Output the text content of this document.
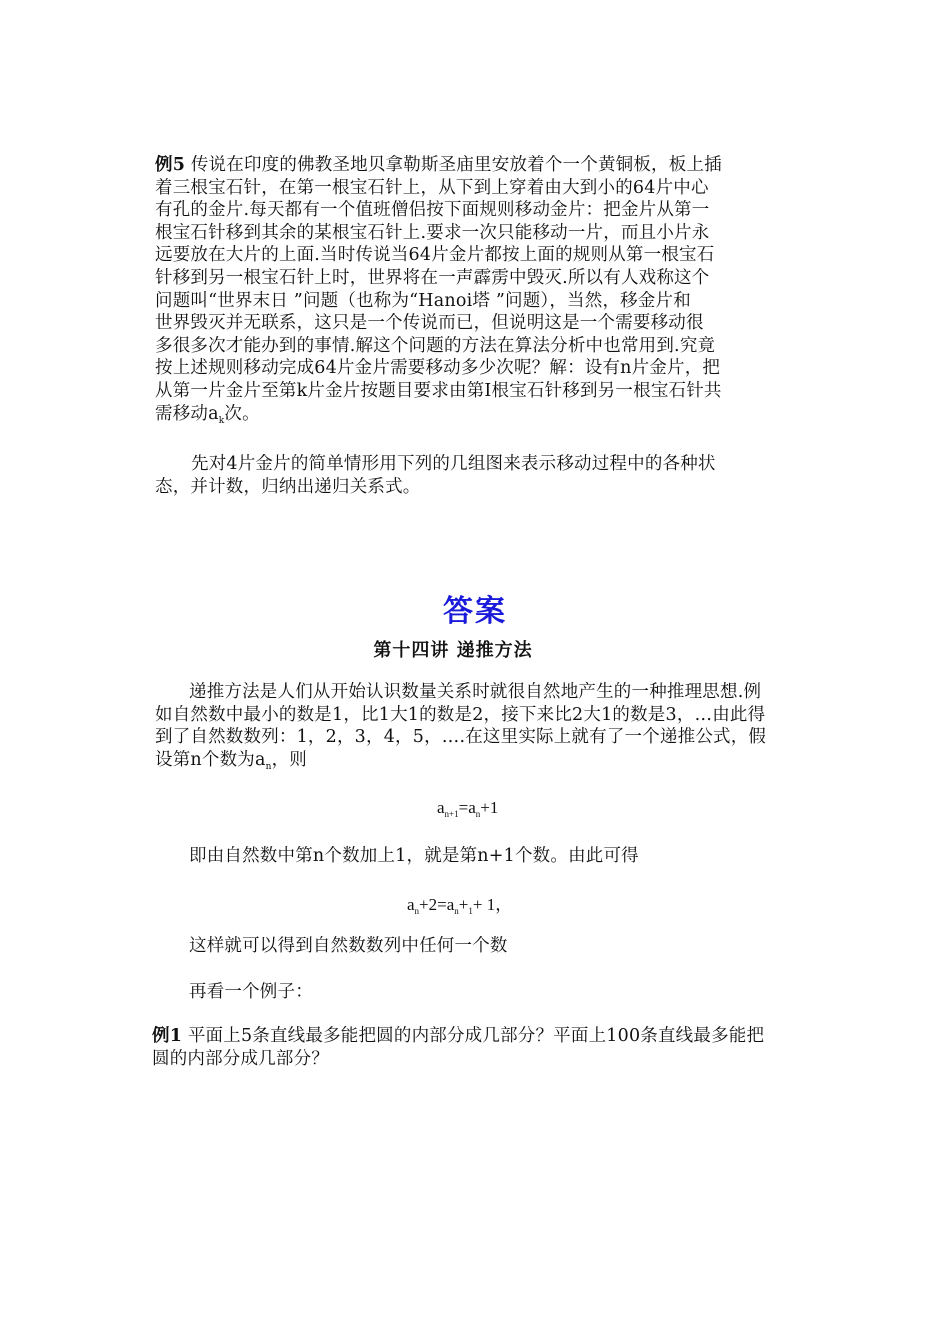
例5 传说在印度的佛教圣地贝拿勒斯圣庙里安放着个一个黄铜板，板上插
着三根宝石针，在第一根宝石针上，从下到上穿着由大到小的64片中心
有孔的金片.每天都有一个值班僧侣按下面规则移动金片：把金片从第一
根宝石针移到其余的某根宝石针上.要求一次只能移动一片，而且小片永
远要放在大片的上面.当时传说当64片金片都按上面的规则从第一根宝石
针移到另一根宝石针上时，世界将在一声霹雳中毁灭.所以有人戏称这个
问题叫“世界末日 ”问题（也称为“Hanoi塔 ”问题），当然，移金片和
世界毁灭并无联系，这只是一个传说而已，但说明这是一个需要移动很
多很多次才能办到的事情.解这个问题的方法在算法分析中也常用到.究竟
按上述规则移动完成64片金片需要移动多少次呢？解：设有n片金片，把
从第一片金片至第k片金片按题目要求由第I根宝石针移到另一根宝石针共
需移动$a_k$次。
先对4片金片的简单情形用下列的几组图来表示移动过程中的各种状
态，并计数，归纳出递归关系式。
答案
第十四讲 递推方法
递推方法是人们从开始认识数量关系时就很自然地产生的一种推理思想.例
如自然数中最小的数是1，比1大1的数是2，接下来比2大1的数是3，…由此得
到了自然数数列：1，2，3，4，5，….在这里实际上就有了一个递推公式，假
设第n个数为$a_n$，则
$a_{n+1}=a_n+1$
即由自然数中第n个数加上1，就是第n+1个数。由此可得
$a_n+2=a_n+_1+ 1$，
这样就可以得到自然数数列中任何一个数
再看一个例子：
例1 平面上5条直线最多能把圆的内部分成几部分？平面上100条直线最多能把
圆的内部分成几部分？
